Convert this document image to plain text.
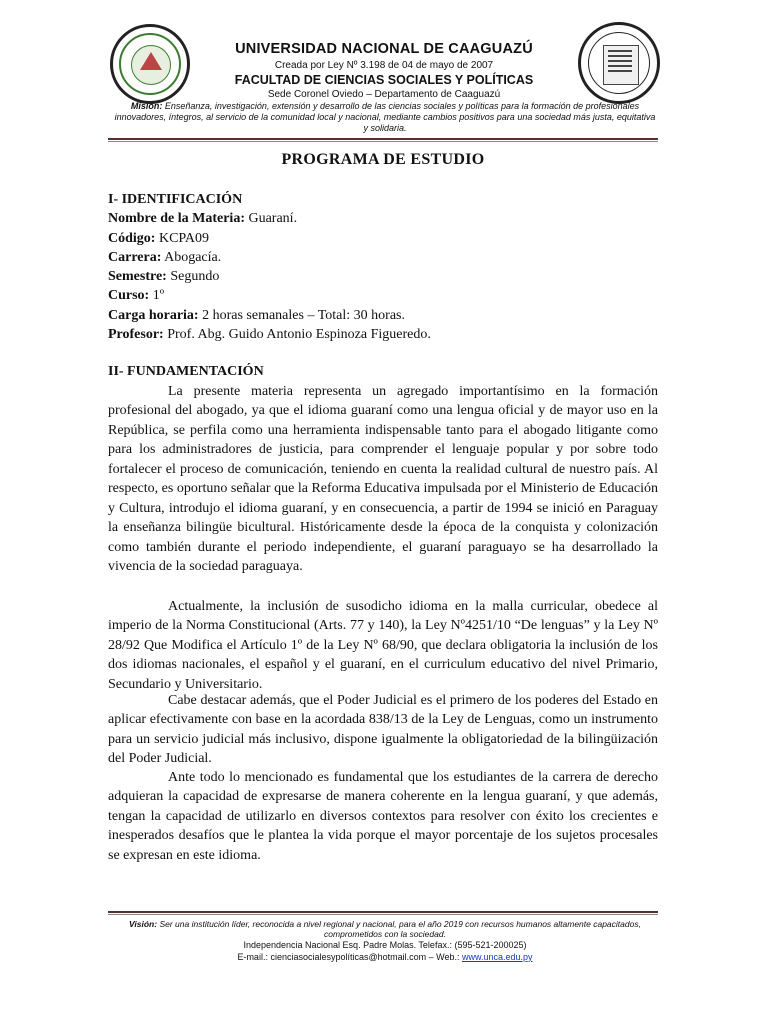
UNIVERSIDAD NACIONAL DE CAAGUAZÚ
Creada por Ley Nº 3.198 de 04 de mayo de 2007
FACULTAD DE CIENCIAS SOCIALES Y POLÍTICAS
Sede Coronel Oviedo – Departamento de Caaguazú
Misión: Enseñanza, investigación, extensión y desarrollo de las ciencias sociales y políticas para la formación de profesionales innovadores, íntegros, al servicio de la comunidad local y nacional, mediante cambios positivos para una sociedad más justa, equitativa y solidaria.
PROGRAMA DE ESTUDIO
I- IDENTIFICACIÓN
Nombre de la Materia: Guaraní.
Código: KCPA09
Carrera: Abogacía.
Semestre: Segundo
Curso: 1º
Carga horaria: 2 horas semanales – Total: 30 horas.
Profesor: Prof. Abg. Guido Antonio Espinoza Figueredo.
II- FUNDAMENTACIÓN

La presente materia representa un agregado importantísimo en la formación profesional del abogado, ya que el idioma guaraní como una lengua oficial y de mayor uso en la República, se perfila como una herramienta indispensable tanto para el abogado litigante como para los administradores de justicia, para comprender el lenguaje popular y por sobre todo fortalecer el proceso de comunicación, teniendo en cuenta la realidad cultural de nuestro país. Al respecto, es oportuno señalar que la Reforma Educativa impulsada por el Ministerio de Educación y Cultura, introdujo el idioma guaraní, y en consecuencia, a partir de 1994 se inició en Paraguay la enseñanza bilingüe bicultural. Históricamente desde la época de la conquista y colonización como también durante el periodo independiente, el guaraní paraguayo se ha desarrollado la vivencia de la sociedad paraguaya.

Actualmente, la inclusión de susodicho idioma en la malla curricular, obedece al imperio de la Norma Constitucional (Arts. 77 y 140), la Ley Nº4251/10 “De lenguas” y la Ley Nº 28/92 Que Modifica el Artículo 1º de la Ley Nº 68/90, que declara obligatoria la inclusión de los dos idiomas nacionales, el español y el guaraní, en el curriculum educativo del nivel Primario, Secundario y Universitario.

Cabe destacar además, que el Poder Judicial es el primero de los poderes del Estado en aplicar efectivamente con base en la acordada 838/13 de la Ley de Lenguas, como un instrumento para un servicio judicial más inclusivo, dispone igualmente la obligatoriedad de la bilingüización del Poder Judicial.

Ante todo lo mencionado es fundamental que los estudiantes de la carrera de derecho adquieran la capacidad de expresarse de manera coherente en la lengua guaraní, y que además, tengan la capacidad de utilizarlo en diversos contextos para resolver con éxito los crecientes e inesperados desafíos que le plantea la vida porque el mayor porcentaje de los sujetos procesales se expresan en este idioma.

Visión: Ser una institución líder, reconocida a nivel regional y nacional, para el año 2019 con recursos humanos altamente capacitados, comprometidos con la sociedad.
Independencia Nacional Esq. Padre Molas. Telefax.: (595-521-200025)
E-mail.: cienciasocialesypolíticas@hotmail.com – Web.: www.unca.edu.py
